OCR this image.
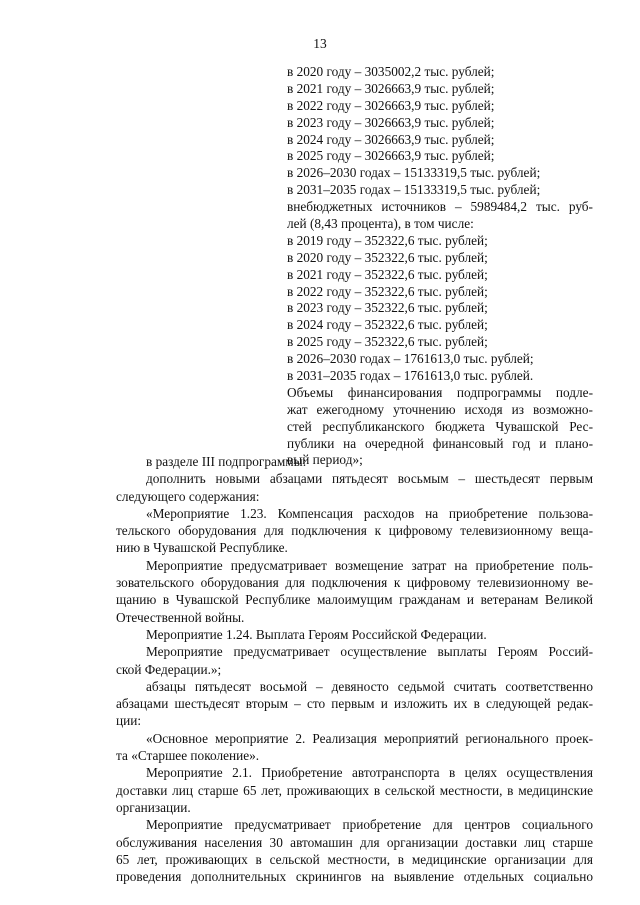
13
в 2020 году – 3035002,2 тыс. рублей;
в 2021 году – 3026663,9 тыс. рублей;
в 2022 году – 3026663,9 тыс. рублей;
в 2023 году – 3026663,9 тыс. рублей;
в 2024 году – 3026663,9 тыс. рублей;
в 2025 году – 3026663,9 тыс. рублей;
в 2026–2030 годах – 15133319,5 тыс. рублей;
в 2031–2035 годах – 15133319,5 тыс. рублей;
внебюджетных источников – 5989484,2 тыс. руб-
лей (8,43 процента), в том числе:
в 2019 году – 352322,6 тыс. рублей;
в 2020 году – 352322,6 тыс. рублей;
в 2021 году – 352322,6 тыс. рублей;
в 2022 году – 352322,6 тыс. рублей;
в 2023 году – 352322,6 тыс. рублей;
в 2024 году – 352322,6 тыс. рублей;
в 2025 году – 352322,6 тыс. рублей;
в 2026–2030 годах – 1761613,0 тыс. рублей;
в 2031–2035 годах – 1761613,0 тыс. рублей.
Объемы финансирования подпрограммы подле-
жат ежегодному уточнению исходя из возможно-
стей республиканского бюджета Чувашской Рес-
публики на очередной финансовый год и плано-
вый период»;
в разделе III подпрограммы:
дополнить новыми абзацами пятьдесят восьмым – шестьдесят первым
следующего содержания:
«Мероприятие 1.23. Компенсация расходов на приобретение пользова-
тельского оборудования для подключения к цифровому телевизионному веща-
нию в Чувашской Республике.
Мероприятие предусматривает возмещение затрат на приобретение поль-
зовательского оборудования для подключения к цифровому телевизионному ве-
щанию в Чувашской Республике малоимущим гражданам и ветеранам Великой
Отечественной войны.
Мероприятие 1.24. Выплата Героям Российской Федерации.
Мероприятие предусматривает осуществление выплаты Героям Россий-
ской Федерации.»;
абзацы пятьдесят восьмой – девяносто седьмой считать соответственно
абзацами шестьдесят вторым – сто первым и изложить их в следующей редак-
ции:
«Основное мероприятие 2. Реализация мероприятий регионального проек-
та «Старшее поколение».
Мероприятие 2.1. Приобретение автотранспорта в целях осуществления
доставки лиц старше 65 лет, проживающих в сельской местности, в медицинские
организации.
Мероприятие предусматривает приобретение для центров социального
обслуживания населения 30 автомашин для организации доставки лиц старше
65 лет, проживающих в сельской местности, в медицинские организации для
проведения дополнительных скринингов на выявление отдельных социально
